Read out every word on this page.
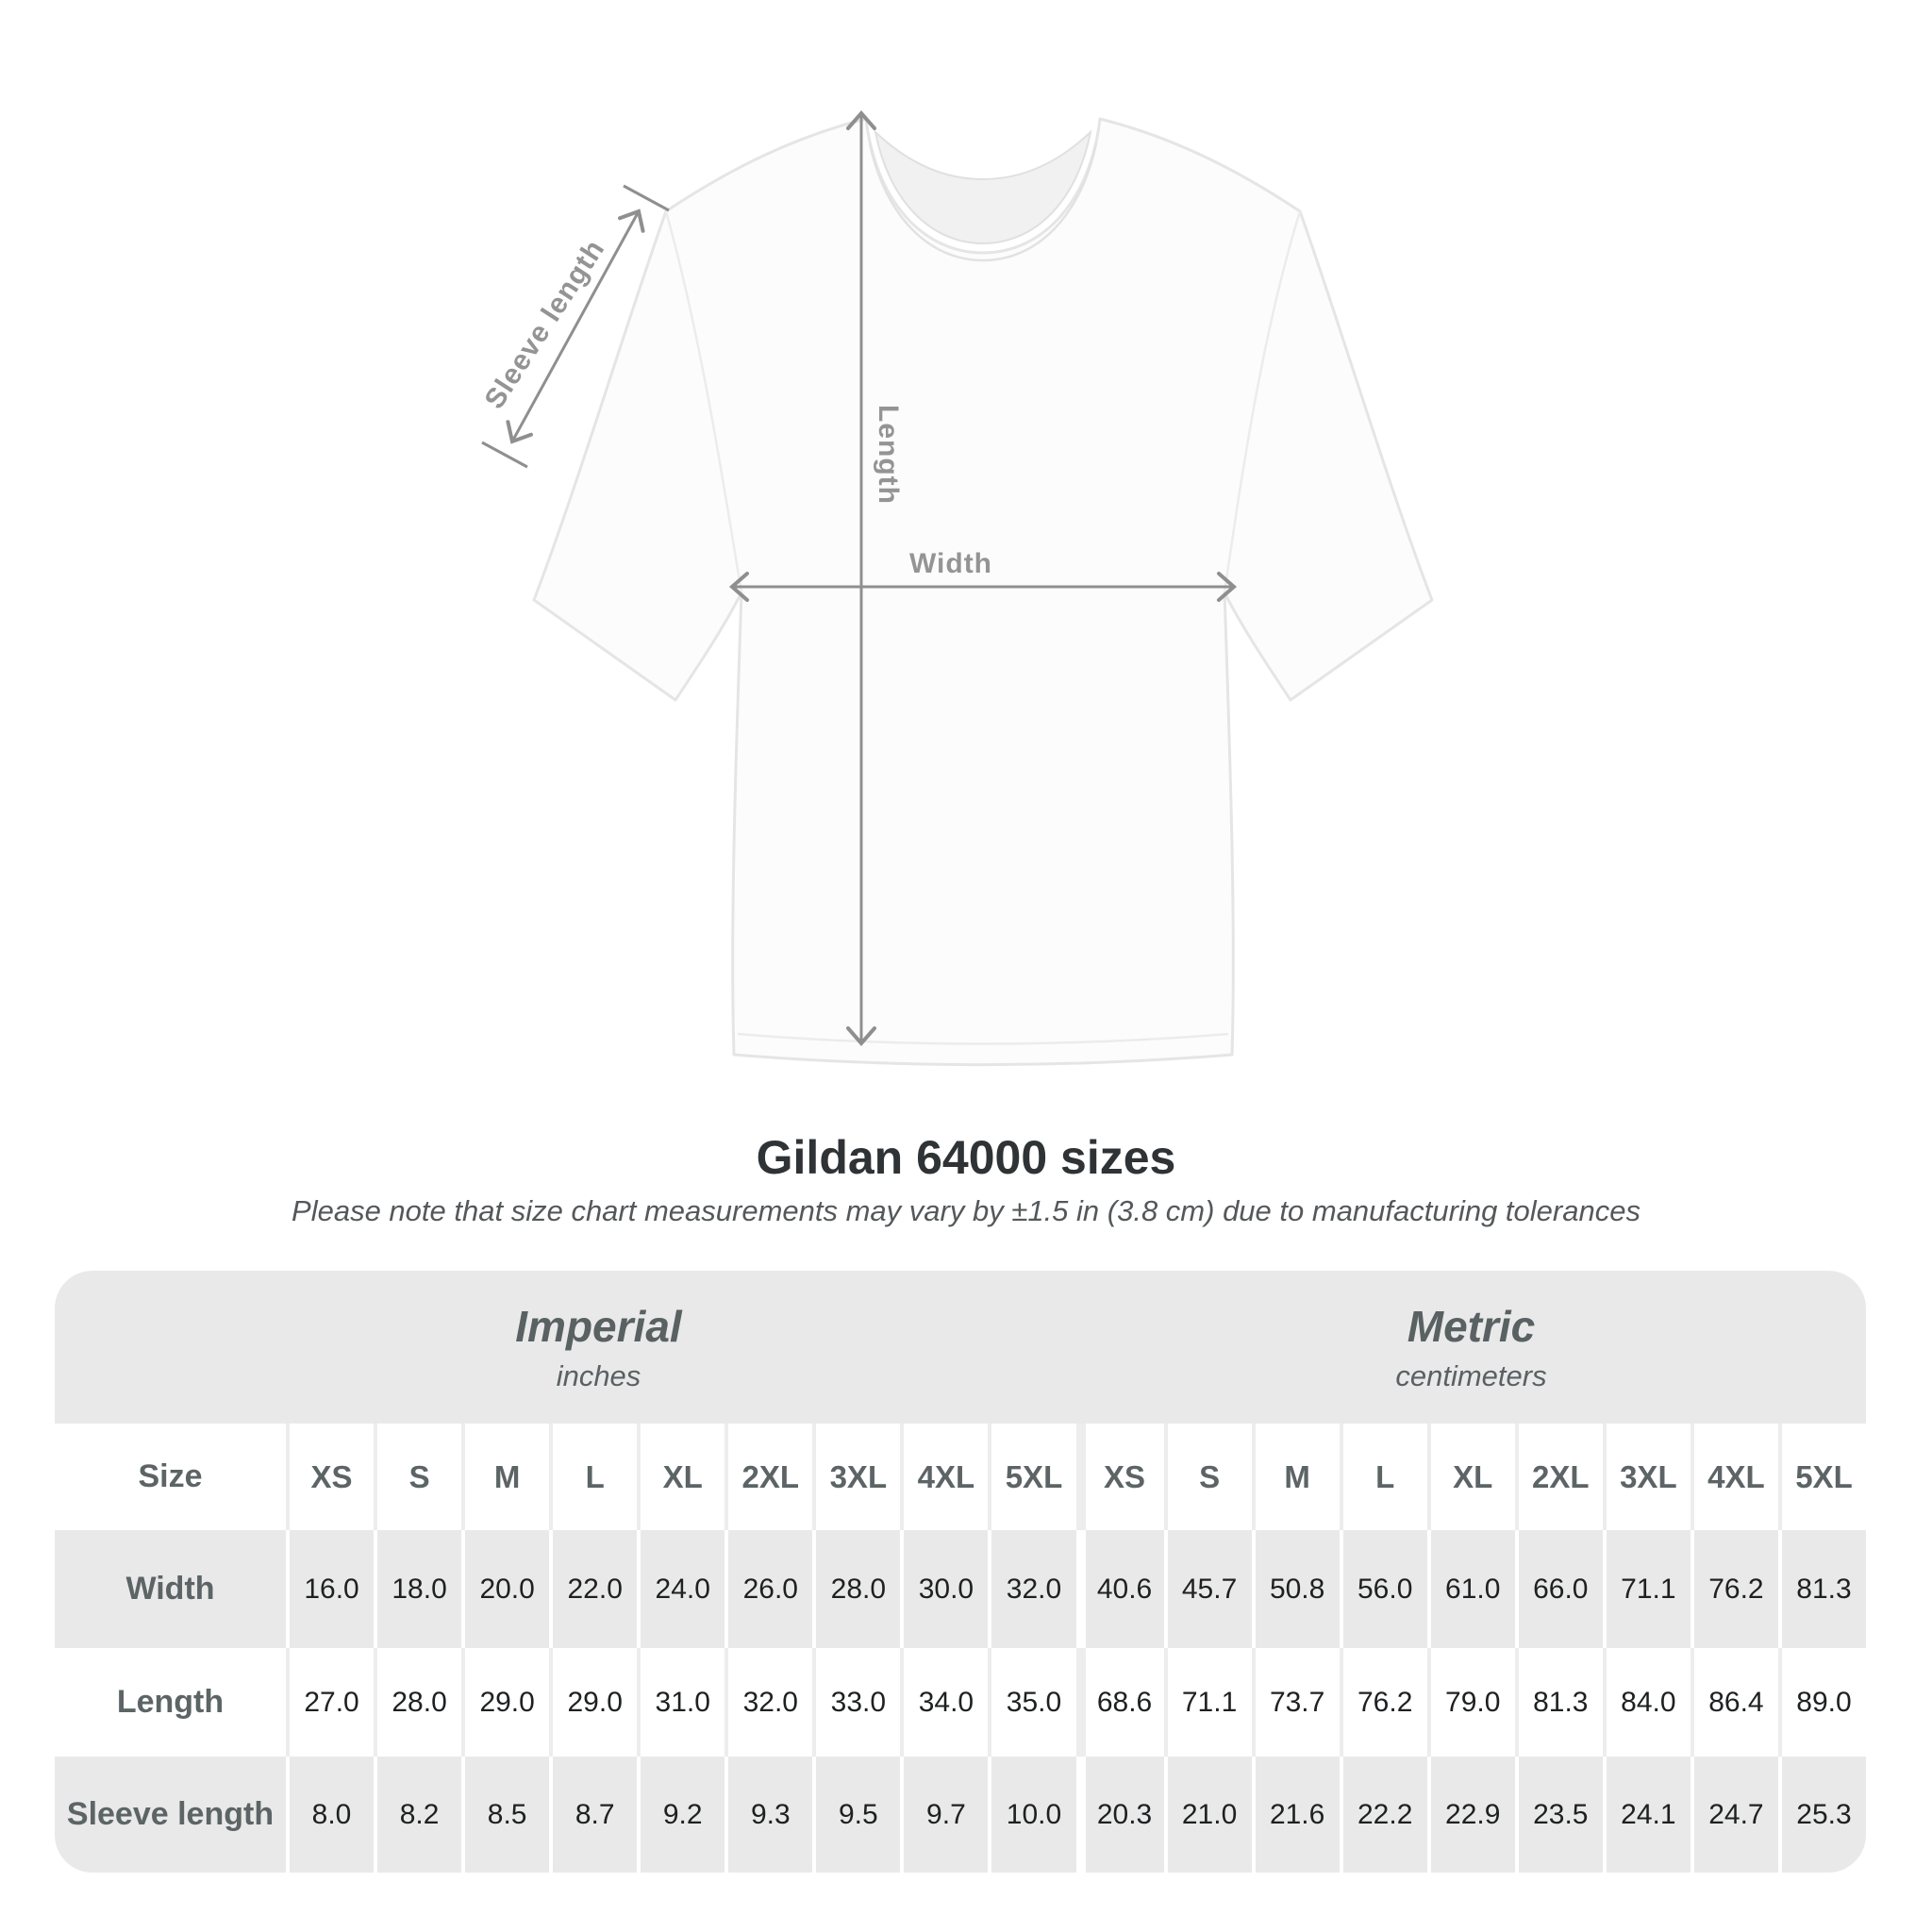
Sleeve length
Length
Width
Gildan 64000 sizes

Please note that size chart measurements may vary by ±1.5 in (3.8 cm) due to manufacturing tolerances

Imperial
inches
Metric
centimeters
Size	XS	S	M	L	XL	2XL 3XL 4XL 5XL	XS	S	M	L	XL	2XL 3XL 4XL 5XL
Width	16.0	18.0	20.0	22.0	24.0	26.0	28.0	30.0	32.0	40.6	45.7	50.8	56.0	61.0	66.0	71.1	76.2	81.3
Length	27.0	28.0	29.0	29.0	31.0	32.0	33.0	34.0	35.0	68.6	71.1	73.7	76.2	79.0	81.3	84.0	86.4	89.0
Sleeve length	8.0	8.2	8.5	8.7	9.2	9.3	9.5	9.7	10.0	20.3	21.0	21.6	22.2	22.9	23.5	24.1	24.7	25.3
